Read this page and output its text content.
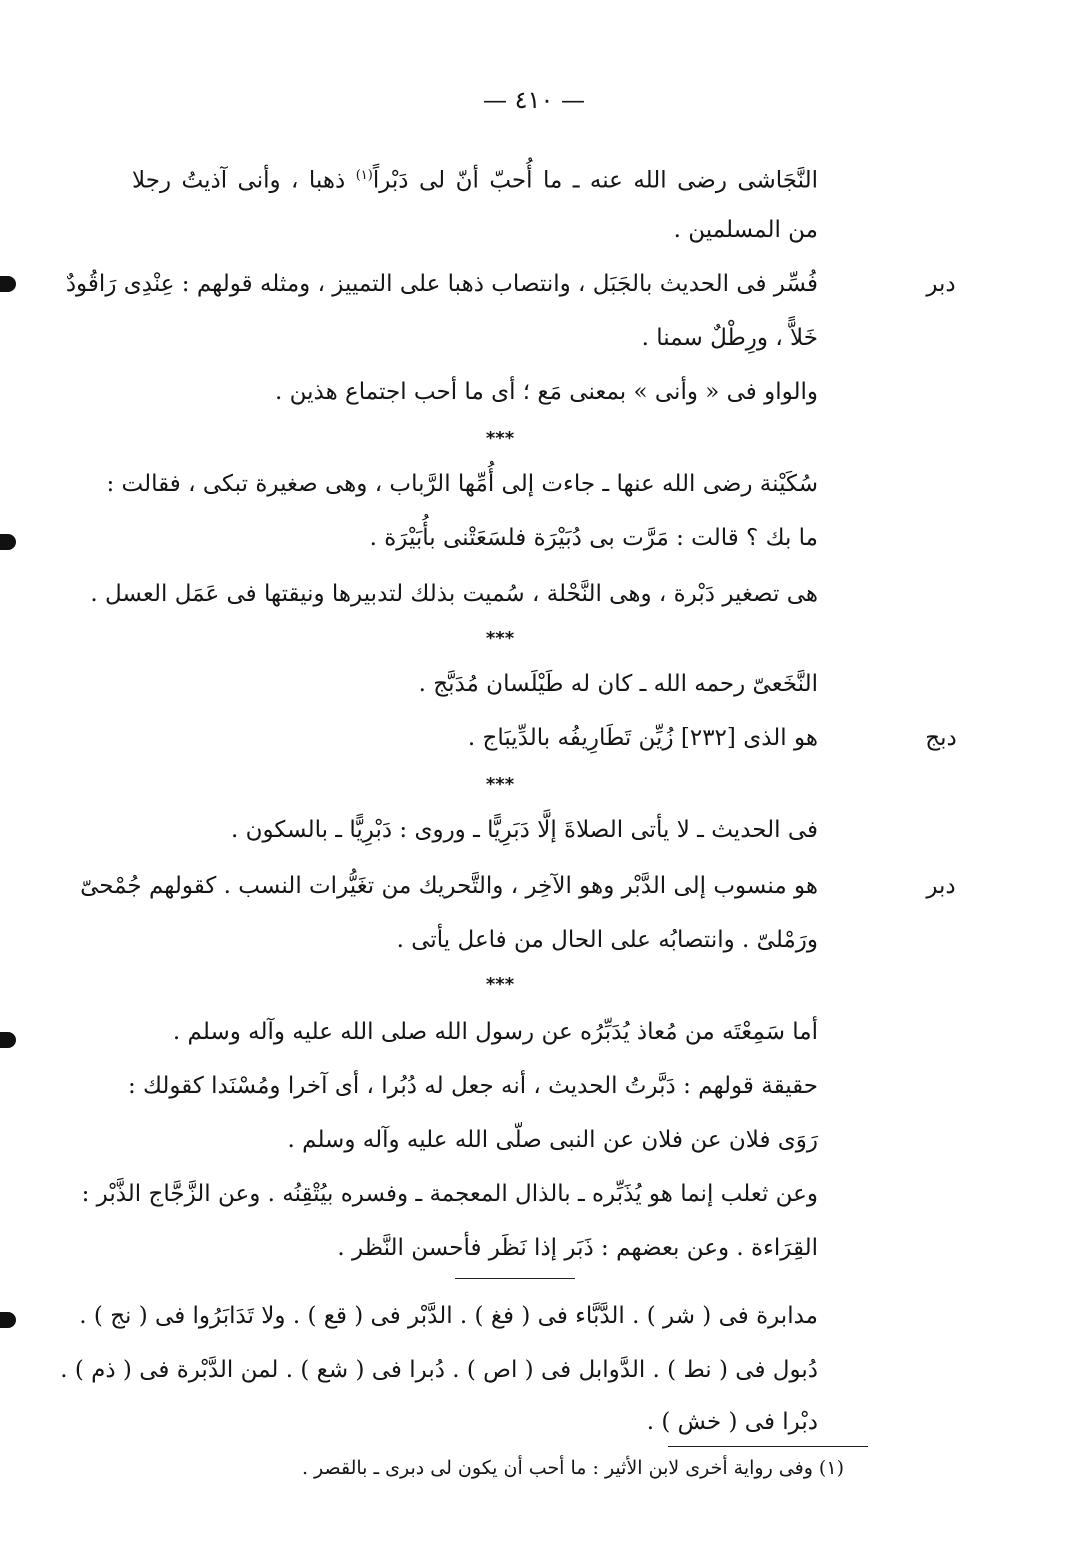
— ٤١٠ —
النَّجَاشى رضى الله عنه ـ ما أُحبّ أنّ لى دَبْراً$^{(١)}$ ذهبا ، وأنى آذيتُ رجلا
من المسلمين .
دبر
فُسِّر فى الحديث بالجَبَل ، وانتصاب ذهبا على التمييز ، ومثله قولهم : عِنْدِى رَاقُودٌ
خَلاًّ ، ورِطْلٌ سمنا .
والواو فى « وأنى » بمعنى مَع ؛ أى ما أحب اجتماع هذين .
***
سُكَيْنة رضى الله عنها ـ جاءت إلى أُمِّها الرَّباب ، وهى صغيرة تبكى ، فقالت :
ما بك ؟ قالت : مَرَّت بى دُبَيْرَة فلسَعَتْنى بأُبَيْرَة .
هى تصغير دَبْرة ، وهى النَّحْلة ، سُميت بذلك لتدبيرها ونيقتها فى عَمَل العسل .
***
النَّخَعىّ رحمه الله ـ كان له طَيْلَسان مُدَبَّج .
دبج
هو الذى [٢٣٢] زُيِّن تَطَارِيفُه بالدِّيبَاج .
***
فى الحديث ـ لا يأتى الصلاةَ إلَّا دَبَرِيًّا ـ وروى : دَبْرِيًّا ـ بالسكون .
دبر
هو منسوب إلى الدَّبْر وهو الآخِر ، والتَّحريك من تغَيُّرات النسب . كقولهم جُمْحىّ
ورَمْلىّ . وانتصابُه على الحال من فاعل يأتى .
***
أما سَمِعْتَه من مُعاذ يُدَبِّرُه عن رسول الله صلى الله عليه وآله وسلم .
حقيقة قولهم : دَبَّرتُ الحديث ، أنه جعل له دُبُرا ، أى آخرا ومُسْنَدا كقولك :
رَوَى فلان عن فلان عن النبى صلّى الله عليه وآله وسلم .
وعن ثعلب إنما هو يُذَبِّره ـ بالذال المعجمة ـ وفسره بيُتْقِنُه . وعن الزَّجَّاج الذَّبْر :
القِرَاءة . وعن بعضهم : ذَبَر إذا نَظَر فأحسن النَّظر .
مدابرة فى ( شر ) . الدَّبَّاء فى ( فغ ) . الدَّبْر فى ( قع ) . ولا تَدَابَرُوا فى ( نج ) .
دُبول فى ( نط ) . الدَّوابل فى ( اص ) . دُبرا فى ( شع ) . لمن الدَّبْرة فى ( ذم ) .
دبْرا فى ( خش ) .
(١) وفى رواية أخرى لابن الأثير : ما أحب أن يكون لى دبرى ـ بالقصر .
